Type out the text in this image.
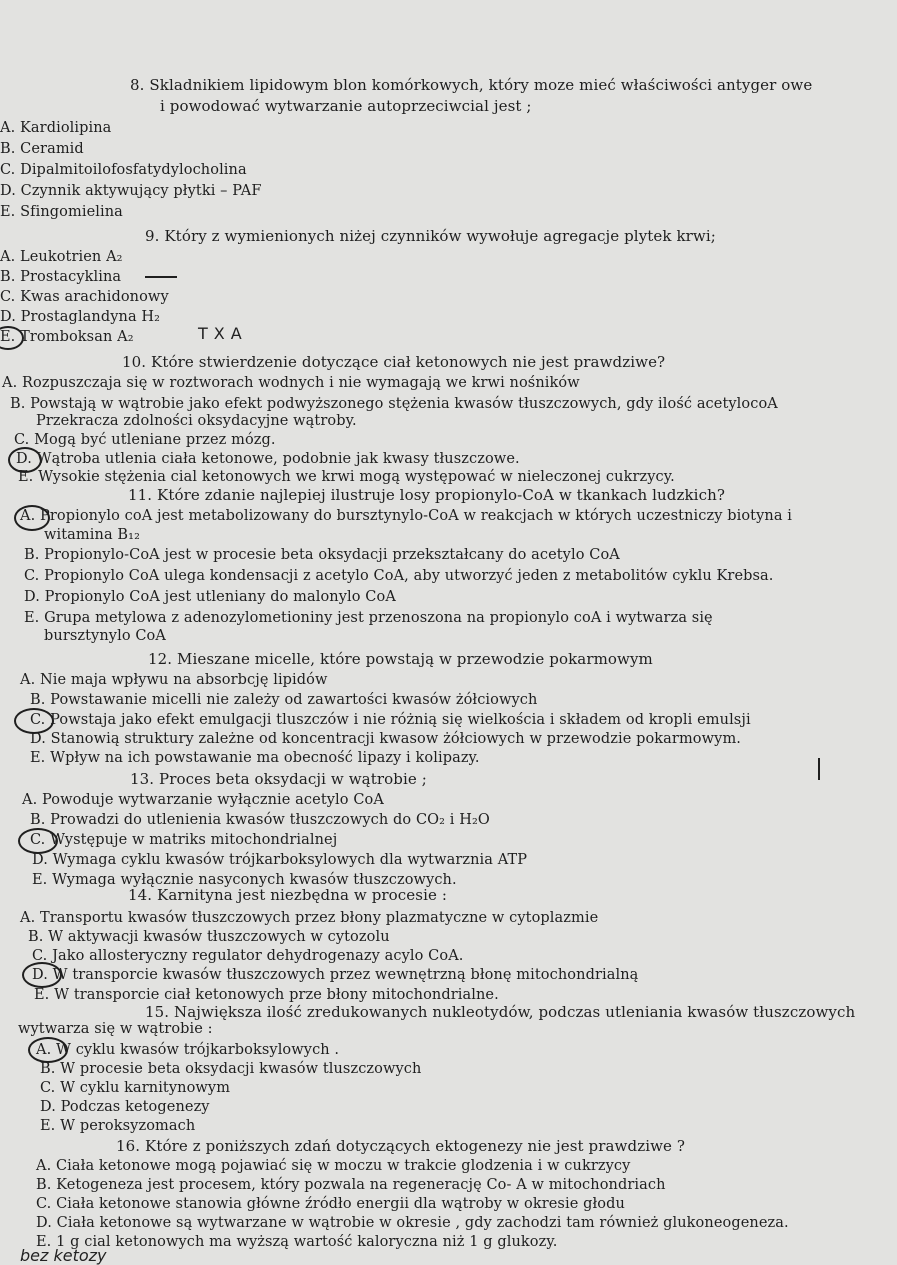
8. Skladnikiem lipidowym blon komórkowych, który moze mieć właściwości antyger owe
i powodować wytwarzanie autoprzeciwcial jest ;
A. Kardiolipina
B. Ceramid
C. Dipalmitoilofosfatydylocholina
D. Czynnik aktywujący płytki – PAF
E. Sfingomielina
9. Który z wymienionych niżej czynników wywołuje agregacje plytek krwi;
A. Leukotrien A₂
B. Prostacyklina
C. Kwas arachidonowy
D. Prostaglandyna H₂
E. Tromboksan A₂	TXA
10. Które stwierdzenie dotyczące ciał ketonowych nie jest prawdziwe?
A. Rozpuszczaja się w roztworach wodnych i nie wymagają we krwi nośników
B. Powstają w wątrobie jako efekt podwyższonego stężenia kwasów tłuszczowych, gdy ilość acetylocoA
Przekracza zdolności oksydacyjne wątroby.
C. Mogą być utleniane przez mózg.
D. Wątroba utlenia ciała ketonowe, podobnie jak kwasy tłuszczowe.
E. Wysokie stężenia cial ketonowych we krwi mogą występować w nieleczonej cukrzycy.
11. Które zdanie najlepiej ilustruje losy propionylo-CoA w tkankach ludzkich?
A. Propionylo coA jest metabolizowany do bursztynylo-CoA w reakcjach w których uczestniczy biotyna i
witamina B₁₂
B. Propionylo-CoA jest w procesie beta oksydacji przekształcany do acetylo CoA
C. Propionylo CoA ulega kondensacji z acetylo CoA, aby utworzyć jeden z metabolitów cyklu Krebsa.
D. Propionylo CoA jest utleniany do malonylo CoA
E. Grupa metylowa z adenozylometioniny jest przenoszona na propionylo coA i wytwarza się
bursztynylo CoA
12. Mieszane micelle, które powstają w przewodzie pokarmowym
A. Nie maja wpływu na absorbcję lipidów
B. Powstawanie micelli nie zależy od zawartości kwasów żółciowych
C. Powstaja jako efekt emulgacji tluszczów i nie różnią się wielkościa i składem od kropli emulsji
D. Stanowią struktury zależne od koncentracji kwasow żółciowych w przewodzie pokarmowym.
E. Wpływ na ich powstawanie ma obecność lipazy i kolipazy.
13. Proces beta oksydacji w wątrobie ;
A. Powoduje wytwarzanie wyłącznie acetylo CoA
B. Prowadzi do utlenienia kwasów tłuszczowych do CO₂ i H₂O
C. Występuje w matriks mitochondrialnej
D. Wymaga cyklu kwasów trójkarboksylowych dla wytwarznia ATP
E. Wymaga wyłącznie nasyconych kwasów tłuszczowych.
14. Karnityna jest niezbędna w procesie :
A. Transportu kwasów tłuszczowych przez błony plazmatyczne w cytoplazmie
B. W aktywacji kwasów tłuszczowych w cytozolu
C. Jako allosteryczny regulator dehydrogenazy acylo CoA.
D. W transporcie kwasów tłuszczowych przez wewnętrzną błonę mitochondrialną
E. W transporcie ciał ketonowych prze błony mitochondrialne.
15. Największa ilość zredukowanych nukleotydów, podczas utleniania kwasów tłuszczowych
wytwarza się w wątrobie :
A. W cyklu kwasów trójkarboksylowych .
B. W procesie beta oksydacji kwasów tluszczowych
C. W cyklu karnitynowym
D. Podczas ketogenezy
E. W peroksyzomach
16. Które z poniższych zdań dotyczących ektogenezy nie jest prawdziwe ?
A. Ciała ketonowe mogą pojawiać się w moczu w trakcie glodzenia i w cukrzycy
B. Ketogeneza jest procesem, który pozwala na regenerację Co- A w mitochondriach
C. Ciała ketonowe stanowia główne źródło energii dla wątroby w okresie głodu
D. Ciała ketonowe są wytwarzane w wątrobie w okresie , gdy zachodzi tam również glukoneogeneza.
E. 1 g cial ketonowych ma wyższą wartość kaloryczna niż 1 g glukozy.
bez ketozy
